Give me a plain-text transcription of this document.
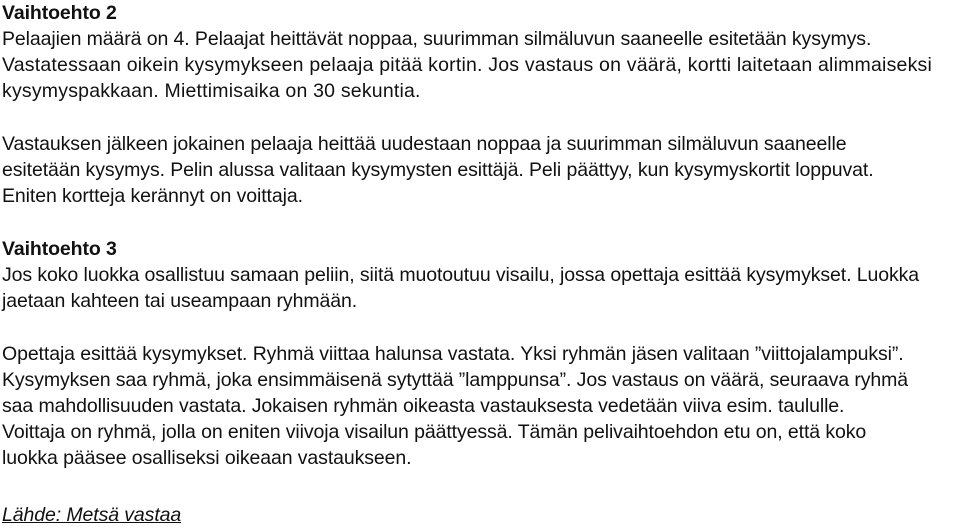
Vaihtoehto 2
Pelaajien määrä on 4. Pelaajat heittävät noppaa, suurimman silmäluvun saaneelle esitetään kysymys.
Vastatessaan oikein kysymykseen pelaaja pitää kortin. Jos vastaus on väärä, kortti laitetaan alimmaiseksi
kysymyspakkaan. Miettimisaika on 30 sekuntia.
Vastauksen jälkeen jokainen pelaaja heittää uudestaan noppaa ja suurimman silmäluvun saaneelle
esitetään kysymys. Pelin alussa valitaan kysymysten esittäjä. Peli päättyy, kun kysymyskortit loppuvat.
Eniten kortteja kerännyt on voittaja.
Vaihtoehto 3
Jos koko luokka osallistuu samaan peliin, siitä muotoutuu visailu, jossa opettaja esittää kysymykset. Luokka
jaetaan kahteen tai useampaan ryhmään.
Opettaja esittää kysymykset. Ryhmä viittaa halunsa vastata. Yksi ryhmän jäsen valitaan ”viittojalampuksi”.
Kysymyksen saa ryhmä, joka ensimmäisenä sytyttää ”lamppunsa”. Jos vastaus on väärä, seuraava ryhmä
saa mahdollisuuden vastata. Jokaisen ryhmän oikeasta vastauksesta vedetään viiva esim. taululle.
Voittaja on ryhmä, jolla on eniten viivoja visailun päättyessä. Tämän pelivaihtoehdon etu on, että koko
luokka pääsee osalliseksi oikeaan vastaukseen.
Lähde: Metsä vastaa
